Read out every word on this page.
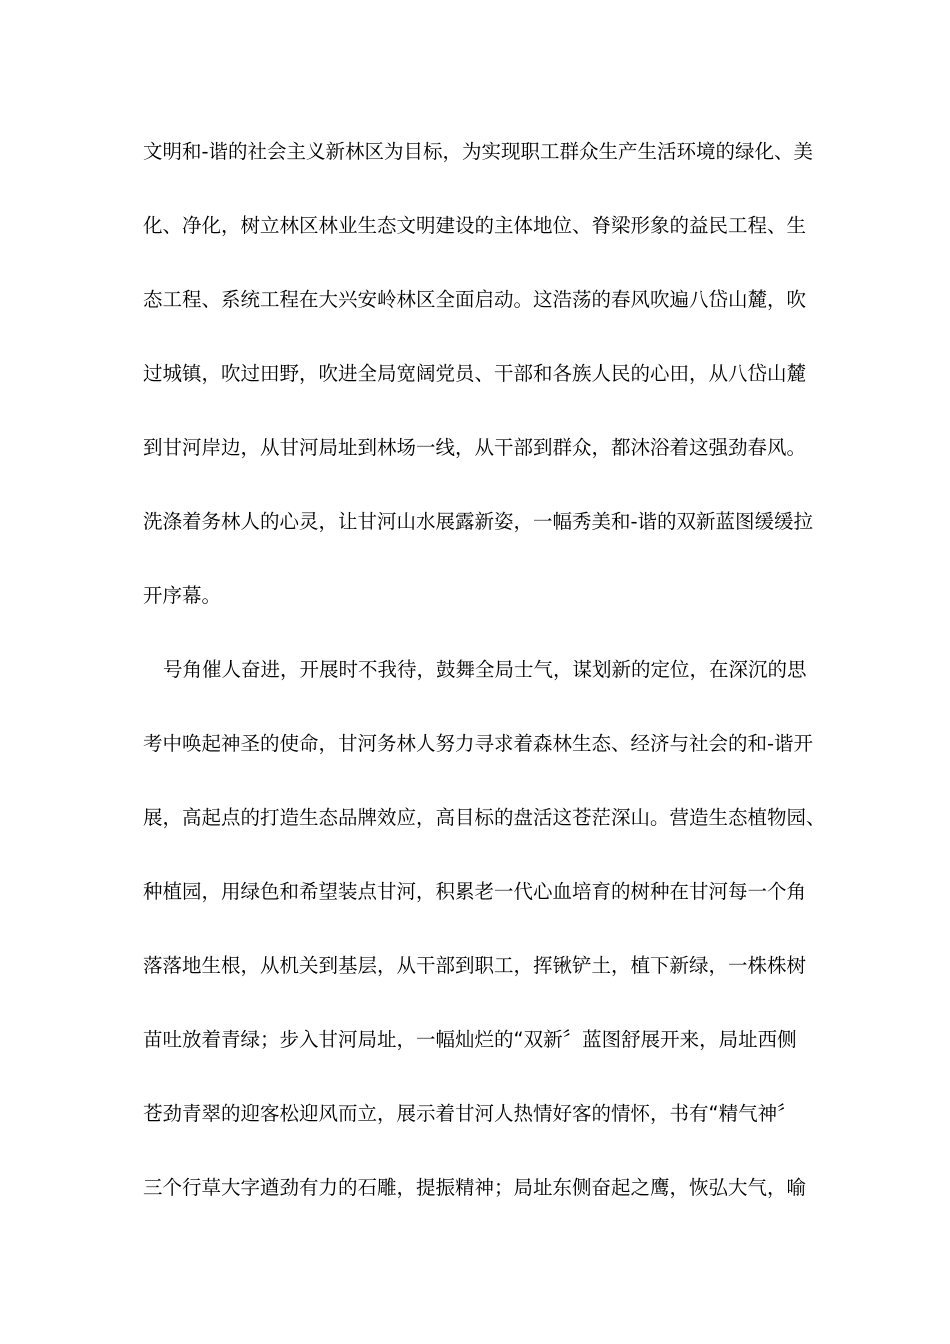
文明和-谐的社会主义新林区为目标，为实现职工群众生产生活环境的绿化、美
化、净化，树立林区林业生态文明建设的主体地位、脊梁形象的益民工程、生
态工程、系统工程在大兴安岭林区全面启动。这浩荡的春风吹遍八岱山麓，吹
过城镇，吹过田野，吹进全局宽阔党员、干部和各族人民的心田，从八岱山麓
到甘河岸边，从甘河局址到林场一线，从干部到群众，都沐浴着这强劲春风。
洗涤着务林人的心灵，让甘河山水展露新姿，一幅秀美和-谐的双新蓝图缓缓拉
开序幕。
号角催人奋进，开展时不我待，鼓舞全局士气，谋划新的定位，在深沉的思
考中唤起神圣的使命，甘河务林人努力寻求着森林生态、经济与社会的和-谐开
展，高起点的打造生态品牌效应，高目标的盘活这苍茫深山。营造生态植物园、
种植园，用绿色和希望装点甘河，积累老一代心血培育的树种在甘河每一个角
落落地生根，从机关到基层，从干部到职工，挥锹铲土，植下新绿，一株株树
苗吐放着青绿；步入甘河局址，一幅灿烂的“双新〞蓝图舒展开来，局址西侧
苍劲青翠的迎客松迎风而立，展示着甘河人热情好客的情怀，书有“精气神〞
三个行草大字遒劲有力的石雕，提振精神；局址东侧奋起之鹰，恢弘大气，喻
